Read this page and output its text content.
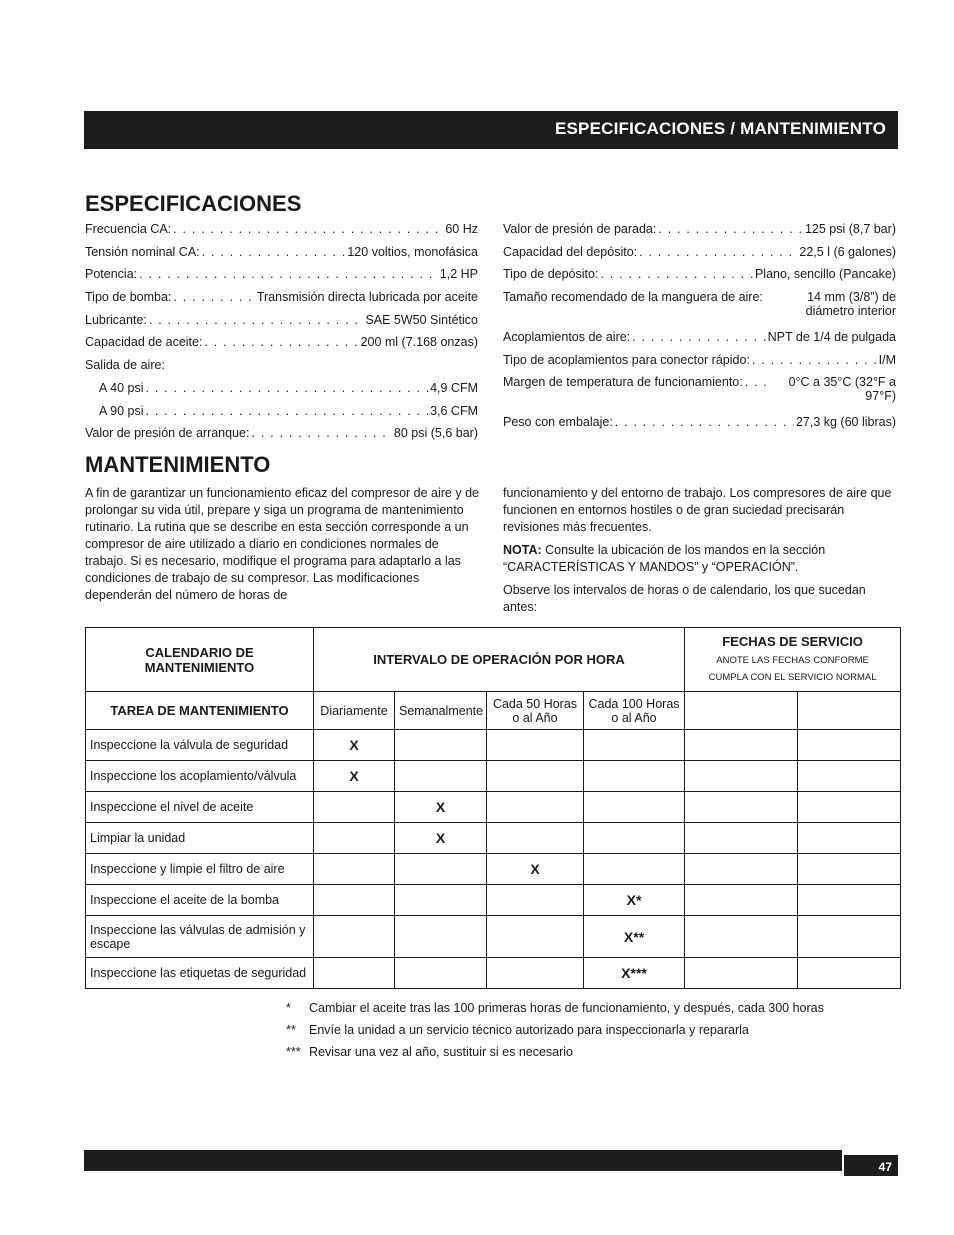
ESPECIFICACIONES / MANTENIMIENTO
ESPECIFICACIONES
Frecuencia CA: . . .	60 Hz
Tensión nominal CA: . . .	120 voltios, monofásica
Potencia: . . .	1,2 HP
Tipo de bomba: . . .	Transmisión directa lubricada por aceite
Lubricante: . . .	SAE 5W50 Sintético
Capacidad de aceite: . . .	200 ml (7.168 onzas)
Salida de aire:
A 40 psi . . .	4,9 CFM
A 90 psi . . .	3,6 CFM
Valor de presión de arranque: . . .	80 psi (5,6 bar)
Valor de presión de parada: . . .	125 psi (8,7 bar)
Capacidad del depósito: . . .	22,5 l (6 galones)
Tipo de depósito: . . .	Plano, sencillo (Pancake)
Tamaño recomendado de la manguera de aire: . . .	14 mm (3/8”) de diámetro interior
Acoplamientos de aire: . . .	NPT de 1/4 de pulgada
Tipo de acoplamientos para conector rápido: . . .	I/M
Margen de temperatura de funcionamiento: . . .	0°C a 35°C (32°F a 97°F)
Peso con embalaje: . . .	27,3 kg (60 libras)
MANTENIMIENTO

A fin de garantizar un funcionamiento eficaz del compresor de aire y de prolongar su vida útil, prepare y siga un programa de mantenimiento rutinario. La rutina que se describe en esta sección corresponde a un compresor de aire utilizado a diario en condiciones normales de trabajo. Si es necesario, modifique el programa para adaptarlo a las condiciones de trabajo de su compresor. Las modificaciones dependerán del número de horas de

funcionamiento y del entorno de trabajo. Los compresores de aire que funcionen en entornos hostiles o de gran suciedad precisarán revisiones más frecuentes.

NOTA: Consulte la ubicación de los mandos en la sección “CARACTERÍSTICAS Y MANDOS” y “OPERACIÓN”.

Observe los intervalos de horas o de calendario, los que sucedan antes:

CALENDARIO DE MANTENIMIENTO	INTERVALO DE OPERACIÓN POR HORA				FECHAS DE SERVICIO
ANOTE LAS FECHAS CONFORME
CUMPLA CON EL SERVICIO NORMAL	

TAREA DE MANTENIMIENTO	Diariamente	Semanalmente	Cada 50 Horas o al Año	Cada 100 Horas o al Año		
Inspeccione la válvula de seguridad	X					
Inspeccione los acoplamiento/válvula	X					
Inspeccione el nivel de aceite		X				
Limpiar la unidad		X				
Inspeccione y limpie el filtro de aire			X			
Inspeccione el aceite de la bomba				X*		
Inspeccione las válvulas de admisión y escape				X**		
Inspeccione las etiquetas de seguridad				X***		
*	Cambiar el aceite tras las 100 primeras horas de funcionamiento, y después, cada 300 horas
**	Envíe la unidad a un servicio técnico autorizado para inspeccionarla y repararla
*** Revisar una vez al año, sustituir si es necesario
47
